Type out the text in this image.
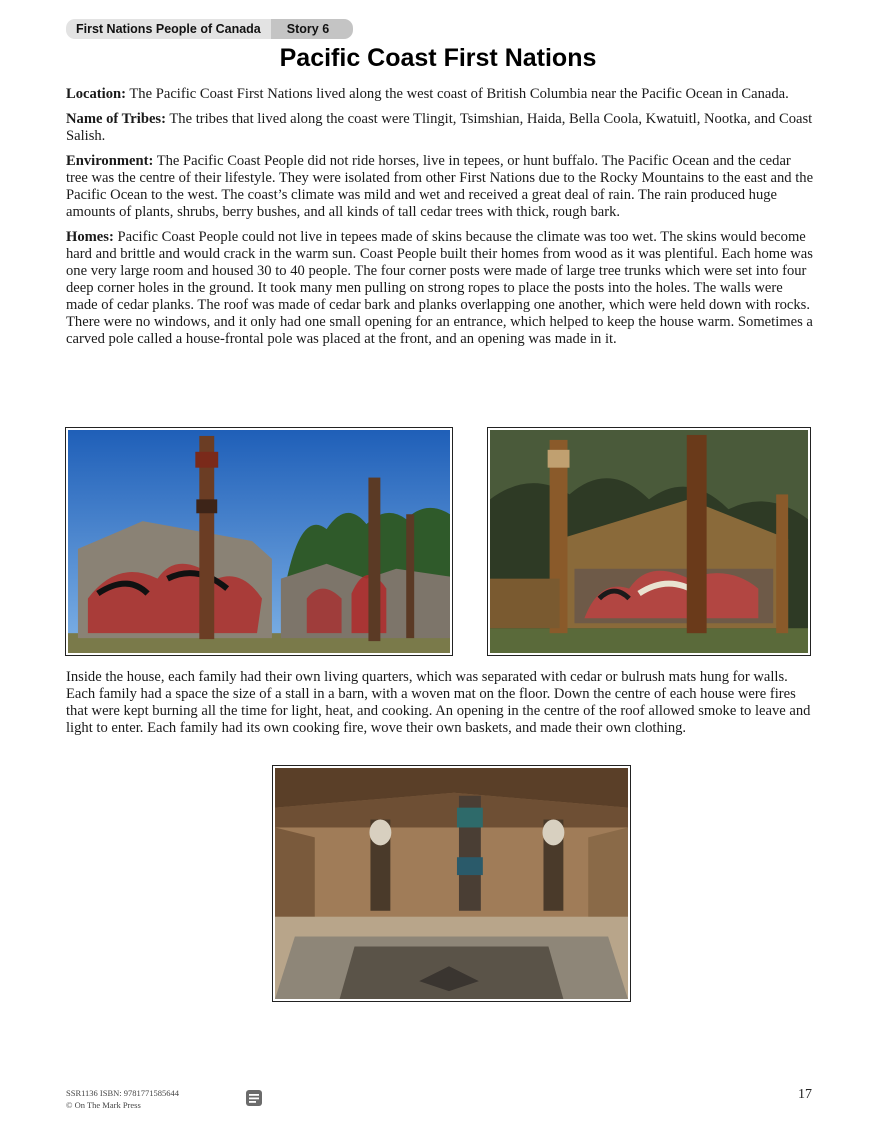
First Nations People of Canada	Story 6
Pacific Coast First Nations

Location: The Pacific Coast First Nations lived along the west coast of British Columbia near the Pacific Ocean in Canada.

Name of Tribes: The tribes that lived along the coast were Tlingit, Tsimshian, Haida, Bella Coola, Kwatuitl, Nootka, and Coast Salish.

Environment: The Pacific Coast People did not ride horses, live in tepees, or hunt buffalo. The Pacific Ocean and the cedar tree was the centre of their lifestyle. They were isolated from other First Nations due to the Rocky Mountains to the east and the Pacific Ocean to the west. The coast’s climate was mild and wet and received a great deal of rain. The rain produced huge amounts of plants, shrubs, berry bushes, and all kinds of tall cedar trees with thick, rough bark.

Homes: Pacific Coast People could not live in tepees made of skins because the climate was too wet. The skins would become hard and brittle and would crack in the warm sun. Coast People built their homes from wood as it was plentiful. Each home was one very large room and housed 30 to 40 people. The four corner posts were made of large tree trunks which were set into four deep corner holes in the ground. It took many men pulling on strong ropes to place the posts into the holes. The walls were made of cedar planks. The roof was made of cedar bark and planks overlapping one another, which were held down with rocks. There were no windows, and it only had one small opening for an entrance, which helped to keep the house warm. Sometimes a carved pole called a house-frontal pole was placed at the front, and an opening was made in it.

Inside the house, each family had their own living quarters, which was separated with cedar or bulrush mats hung for walls. Each family had a space the size of a stall in a barn, with a woven mat on the floor. Down the centre of each house were fires that were kept burning all the time for light, heat, and cooking. An opening in the centre of the roof allowed smoke to leave and light to enter. Each family had its own cooking fire, wove their own baskets, and made their own clothing.

SSR1136 ISBN: 9781771585644
© On The Mark Press
17
